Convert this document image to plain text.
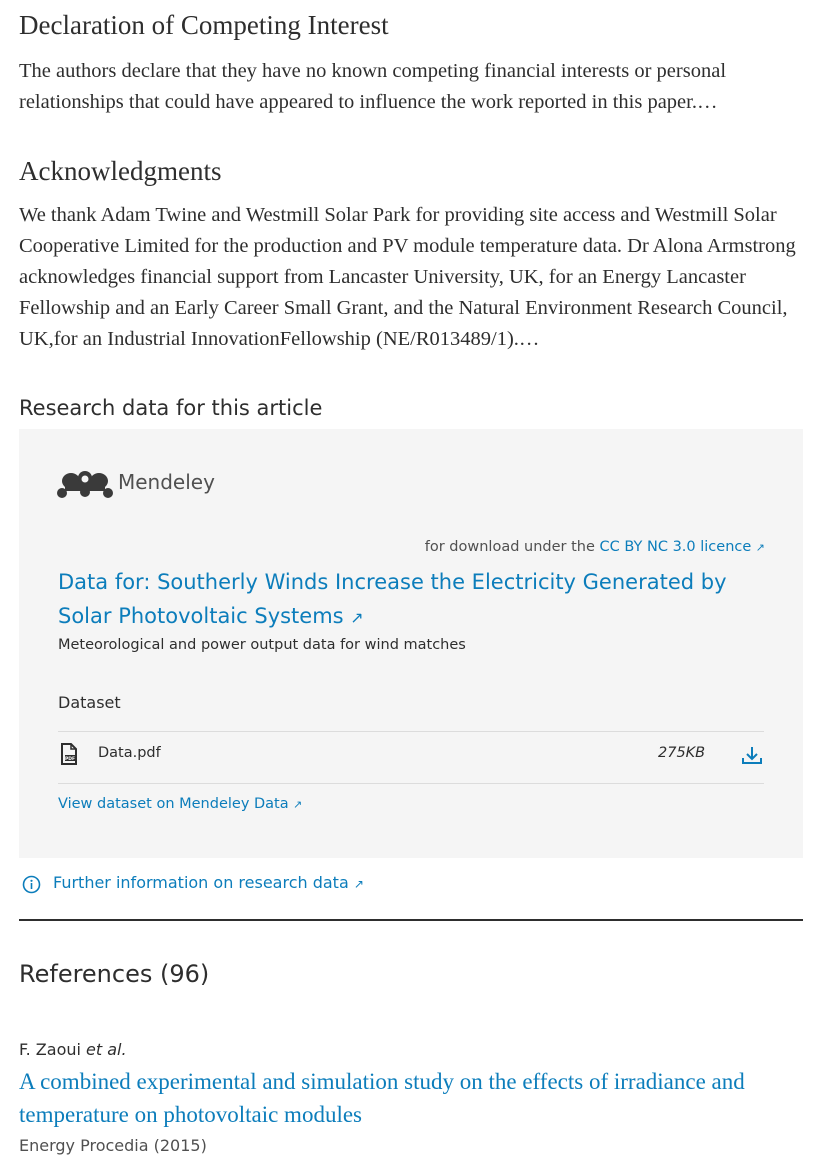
Declaration of Competing Interest

The authors declare that they have no known competing financial interests or personal relationships that could have appeared to influence the work reported in this paper.…

Acknowledgments

We thank Adam Twine and Westmill Solar Park for providing site access and Westmill Solar Cooperative Limited for the production and PV module temperature data. Dr Alona Armstrong acknowledges financial support from Lancaster University, UK, for an Energy Lancaster Fellowship and an Early Career Small Grant, and the Natural Environment Research Council, UK,for an Industrial InnovationFellowship (NE/R013489/1).…

Research data for this article
Mendeley
for download under the CC BY NC 3.0 licence ↗
Data for: Southerly Winds Increase the Electricity Generated by Solar Photovoltaic Systems ↗
Meteorological and power output data for wind matches
Dataset
PDF Data.pdf	275KB
View dataset on Mendeley Data ↗
Further information on research data ↗
References (96)
F. Zaoui et al.
A combined experimental and simulation study on the effects of irradiance and temperature on photovoltaic modules
Energy Procedia (2015)
